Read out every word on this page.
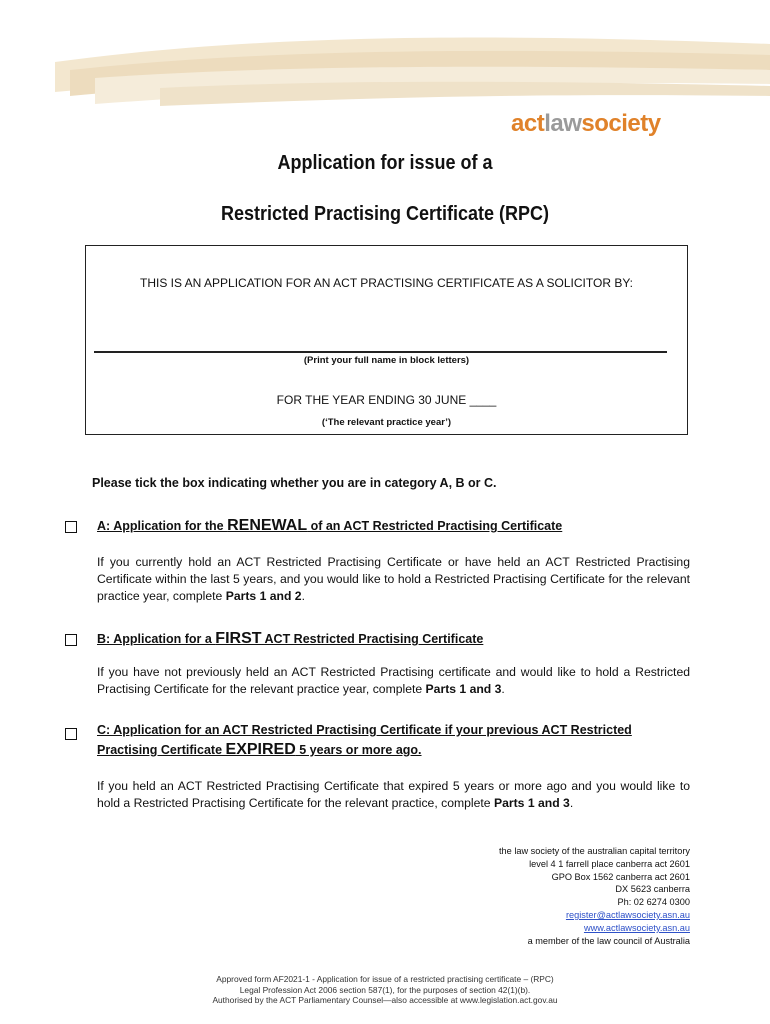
actlawsociety
Application for issue of a
Restricted Practising Certificate (RPC)
THIS IS AN APPLICATION FOR AN ACT PRACTISING CERTIFICATE AS A SOLICITOR BY:
(Print your full name in block letters)
FOR THE YEAR ENDING 30 JUNE ____
(‘The relevant practice year’)
Please tick the box indicating whether you are in category A, B or C.
A: Application for the RENEWAL of an ACT Restricted Practising Certificate
If you currently hold an ACT Restricted Practising Certificate or have held an ACT Restricted Practising Certificate within the last 5 years, and you would like to hold a Restricted Practising Certificate for the relevant practice year, complete Parts 1 and 2.
B: Application for a FIRST ACT Restricted Practising Certificate
If you have not previously held an ACT Restricted Practising certificate and would like to hold a Restricted Practising Certificate for the relevant practice year, complete Parts 1 and 3.
C: Application for an ACT Restricted Practising Certificate if your previous ACT Restricted
Practising Certificate EXPIRED 5 years or more ago.
If you held an ACT Restricted Practising Certificate that expired 5 years or more ago and you would like to hold a Restricted Practising Certificate for the relevant practice, complete Parts 1 and 3.
the law society of the australian capital territory
level 4 1 farrell place canberra act 2601
GPO Box 1562 canberra act 2601
DX 5623 canberra
Ph: 02 6274 0300
register@actlawsociety.asn.au
www.actlawsociety.asn.au
a member of the law council of Australia
Approved form AF2021-1 - Application for issue of a restricted practising certificate – (RPC)
Legal Profession Act 2006 section 587(1), for the purposes of section 42(1)(b).
Authorised by the ACT Parliamentary Counsel—also accessible at www.legislation.act.gov.au
